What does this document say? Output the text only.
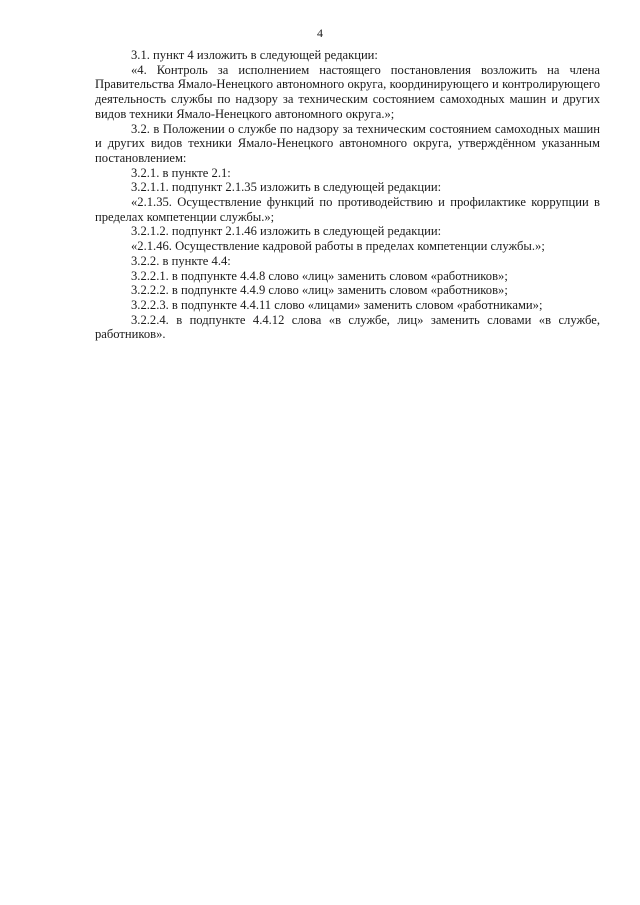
4

3.1. пункт 4 изложить в следующей редакции:

«4. Контроль за исполнением настоящего постановления возложить на члена Правительства Ямало-Ненецкого автономного округа, координирующего и контролирующего деятельность службы по надзору за техническим состоянием самоходных машин и других видов техники Ямало-Ненецкого автономного округа.»;

3.2. в Положении о службе по надзору за техническим состоянием самоходных машин и других видов техники Ямало-Ненецкого автономного округа, утверждённом указанным постановлением:

3.2.1. в пункте 2.1:

3.2.1.1. подпункт 2.1.35 изложить в следующей редакции:

«2.1.35. Осуществление функций по противодействию и профилактике коррупции в пределах компетенции службы.»;

3.2.1.2. подпункт 2.1.46 изложить в следующей редакции:

«2.1.46. Осуществление кадровой работы в пределах компетенции службы.»;

3.2.2. в пункте 4.4:

3.2.2.1. в подпункте 4.4.8 слово «лиц» заменить словом «работников»;

3.2.2.2. в подпункте 4.4.9 слово «лиц» заменить словом «работников»;

3.2.2.3. в подпункте 4.4.11 слово «лицами» заменить словом «работниками»;

3.2.2.4. в подпункте 4.4.12 слова «в службе, лиц» заменить словами «в службе, работников».
